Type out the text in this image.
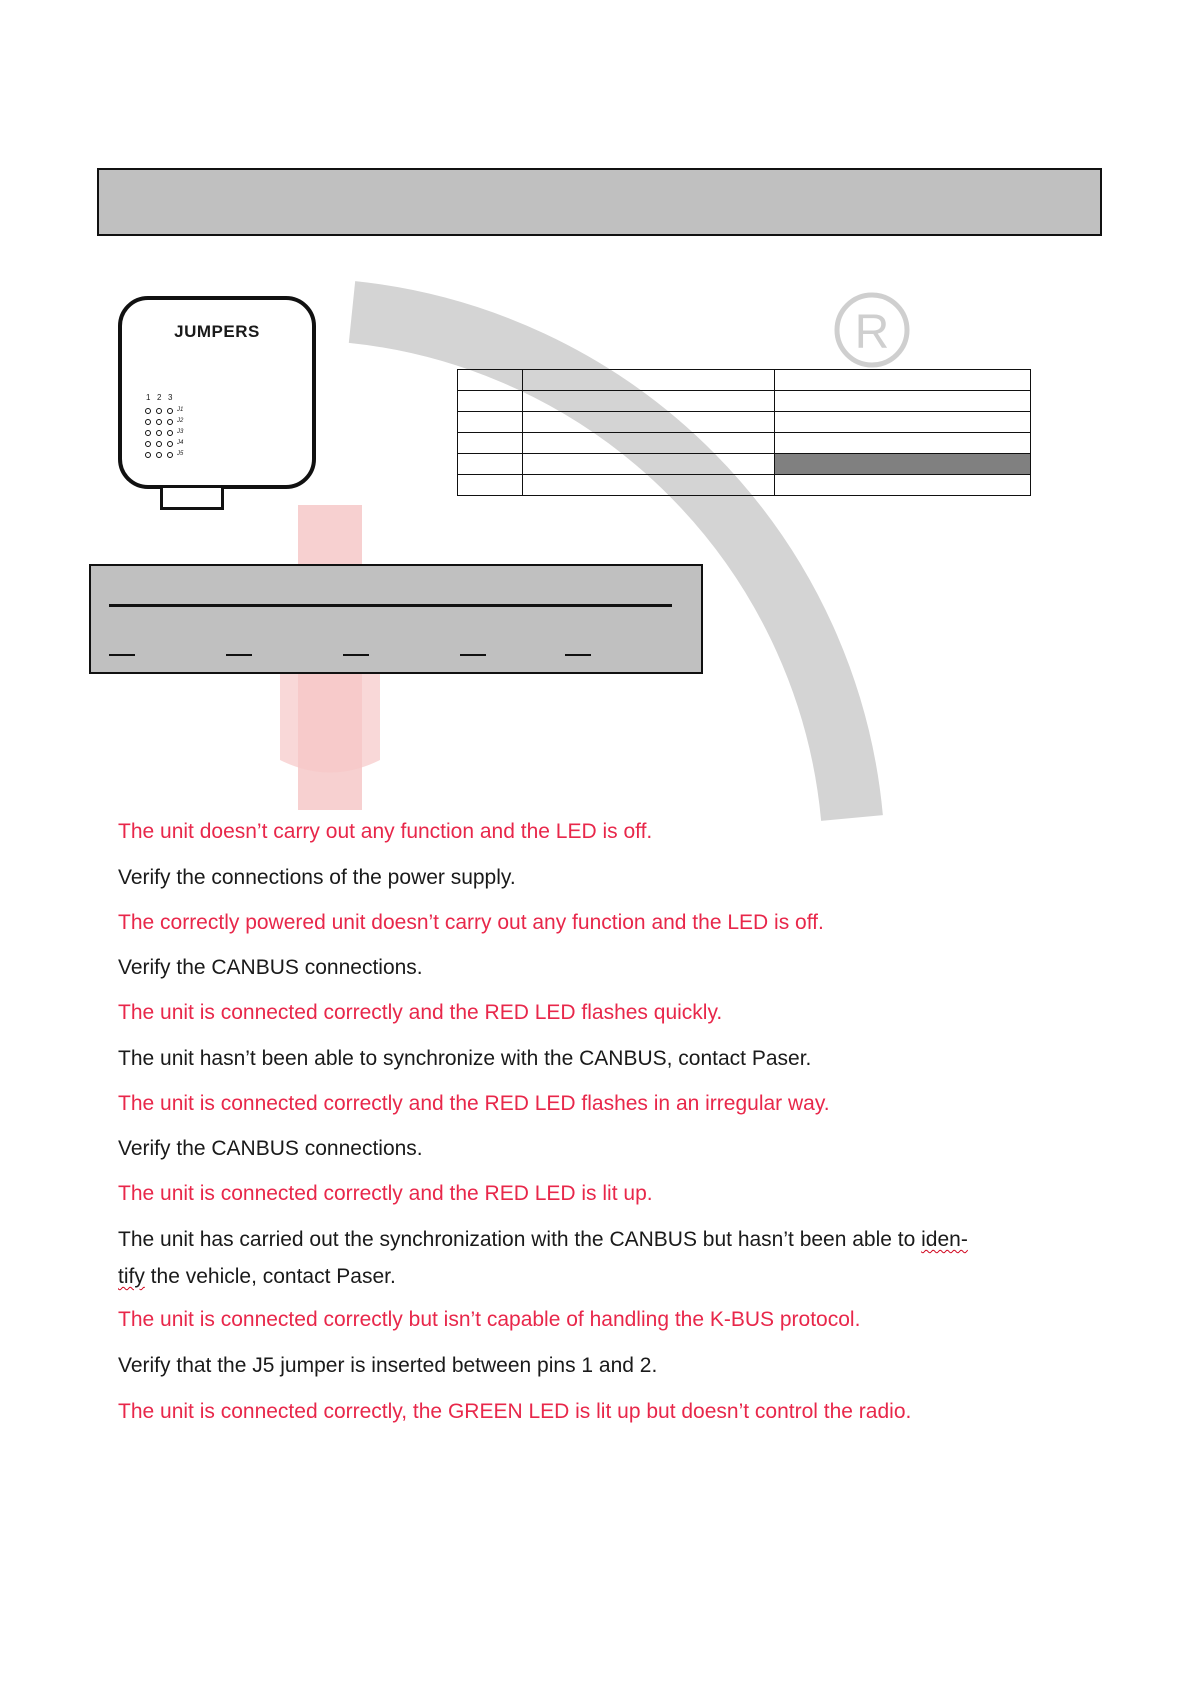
R
JUMPERS
1 2 3
J1
J2
J3
J4
J5

The unit doesn’t carry out any function and the LED is off.
Verify the connections of the power supply.
The correctly powered unit doesn’t carry out any function and the LED is off.
Verify the CANBUS connections.
The unit is connected correctly and the RED LED flashes quickly.
The unit hasn’t been able to synchronize with the CANBUS, contact Paser.
The unit is connected correctly and the RED LED flashes in an irregular way.
Verify the CANBUS connections.
The unit is connected correctly and the RED LED is lit up.
The unit has carried out the synchronization with the CANBUS but hasn’t been able to iden-
tify the vehicle, contact Paser.
The unit is connected correctly but isn’t capable of handling the K-BUS protocol.
Verify that the J5 jumper is inserted between pins 1 and 2.
The unit is connected correctly, the GREEN LED is lit up but doesn’t control the radio.
